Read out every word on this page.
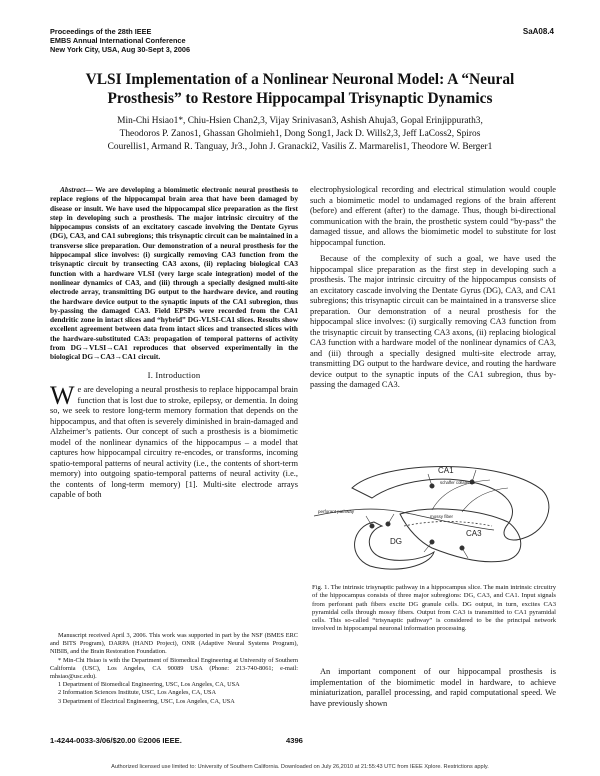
Proceedings of the 28th IEEE
EMBS Annual International Conference
New York City, USA, Aug 30-Sept 3, 2006
SaA08.4
VLSI Implementation of a Nonlinear Neuronal Model: A “Neural
Prosthesis” to Restore Hippocampal Trisynaptic Dynamics
Min-Chi Hsiao1*, Chiu-Hsien Chan2,3, Vijay Srinivasan3, Ashish Ahuja3, Gopal Erinjippurath3,
Theodoros P. Zanos1, Ghassan Gholmieh1, Dong Song1, Jack D. Wills2,3, Jeff LaCoss2, Spiros
Courellis1, Armand R. Tanguay, Jr3., John J. Granacki2, Vasilis Z. Marmarelis1, Theodore W. Berger1

Abstract— We are developing a biomimetic electronic neural prosthesis to replace regions of the hippocampal brain area that have been damaged by disease or insult. We have used the hippocampal slice preparation as the first step in developing such a prosthesis. The major intrinsic circuitry of the hippocampus consists of an excitatory cascade involving the Dentate Gyrus (DG), CA3, and CA1 subregions; this trisynaptic circuit can be maintained in a transverse slice preparation. Our demonstration of a neural prosthesis for the hippocampal slice involves: (i) surgically removing CA3 function from the trisynaptic circuit by transecting CA3 axons, (ii) replacing biological CA3 function with a hardware VLSI (very large scale integration) model of the nonlinear dynamics of CA3, and (iii) through a specially designed multi-site electrode array, transmitting DG output to the hardware device, and routing the hardware device output to the synaptic inputs of the CA1 subregion, thus by-passing the damaged CA3. Field EPSPs were recorded from the CA1 dendritic zone in intact slices and “hybrid” DG-VLSI-CA1 slices. Results show excellent agreement between data from intact slices and transected slices with the hardware-substituted CA3: propagation of temporal patterns of activity from DG→VLSI→CA1 reproduces that observed experimentally in the biological DG→CA3→CA1 circuit.

I. Introduction

We are developing a neural prosthesis to replace hippocampal brain function that is lost due to stroke, epilepsy, or dementia. In doing so, we seek to restore long-term memory formation that depends on the hippocampus, and that often is severely diminished in brain-damaged and Alzheimer’s patients. Our concept of such a prosthesis is a biomimetic model of the nonlinear dynamics of the hippocampus – a model that captures how hippocampal circuitry re-encodes, or transforms, incoming spatio-temporal patterns of neural activity (i.e., the contents of short-term memory) into outgoing spatio-temporal patterns of neural activity (i.e., the contents of long-term memory) [1]. Multi-site electrode arrays capable of both

Manuscript received April 3, 2006. This work was supported in part by the NSF (BMES ERC and BITS Program), DARPA (HAND Project), ONR (Adaptive Neural Systems Program), NIBIB, and the Brain Restoration Foundation.

* Min-Chi Hsiao is with the Department of Biomedical Engineering at University of Southern California (USC), Los Angeles, CA 90089 USA (Phone: 213-740-8061; e-mail: mhsiao@usc.edu).

1 Department of Biomedical Engineering, USC, Los Angeles, CA, USA

2 Information Sciences Institute, USC, Los Angeles, CA, USA

3 Department of Electrical Engineering, USC, Los Angeles, CA, USA

electrophysiological recording and electrical stimulation would couple such a biomimetic model to undamaged regions of the brain afferent (before) and efferent (after) to the damage. Thus, though bi-directional communication with the brain, the prosthetic system could “by-pass” the damaged tissue, and allows the biomimetic model to substitute for lost hippocampal function.

Because of the complexity of such a goal, we have used the hippocampal slice preparation as the first step in developing such a prosthesis. The major intrinsic circuitry of the hippocampus consists of an excitatory cascade involving the Dentate Gyrus (DG), CA3, and CA1 subregions; this trisynaptic circuit can be maintained in a transverse slice preparation. Our demonstration of a neural prosthesis for the hippocampal slice involves: (i) surgically removing CA3 function from the trisynaptic circuit by transecting CA3 axons, (ii) replacing biological CA3 function with a hardware model of the nonlinear dynamics of CA3, and (iii) through a specially designed multi-site electrode array, transmitting DG output to the hardware device, and routing the hardware device output to the synaptic inputs of the CA1 subregion, thus by-passing the damaged CA3.

CA1
schaffer collaterals
perforant pathway
mossy fiber
DG
CA3

Fig. 1. The intrinsic trisynaptic pathway in a hippocampus slice. The main intrinsic circuitry of the hippocampus consists of three major subregions: DG, CA3, and CA1. Input signals from perforant path fibers excite DG granule cells. DG output, in turn, excites CA3 pyramidal cells through mossy fibers. Output from CA3 is transmitted to CA1 pyramidal cells. This so-called “trisynaptic pathway” is considered to be the principal network involved in hippocampal neuronal information processing.

An important component of our hippocampal prosthesis is implementation of the biomimetic model in hardware, to achieve miniaturization, parallel processing, and rapid computational speed. We have previously shown

1-4244-0033-3/06/$20.00 ©2006 IEEE.	4396
Authorized licensed use limited to: University of Southern California. Downloaded on July 26,2010 at 21:55:43 UTC from IEEE Xplore. Restrictions apply.
